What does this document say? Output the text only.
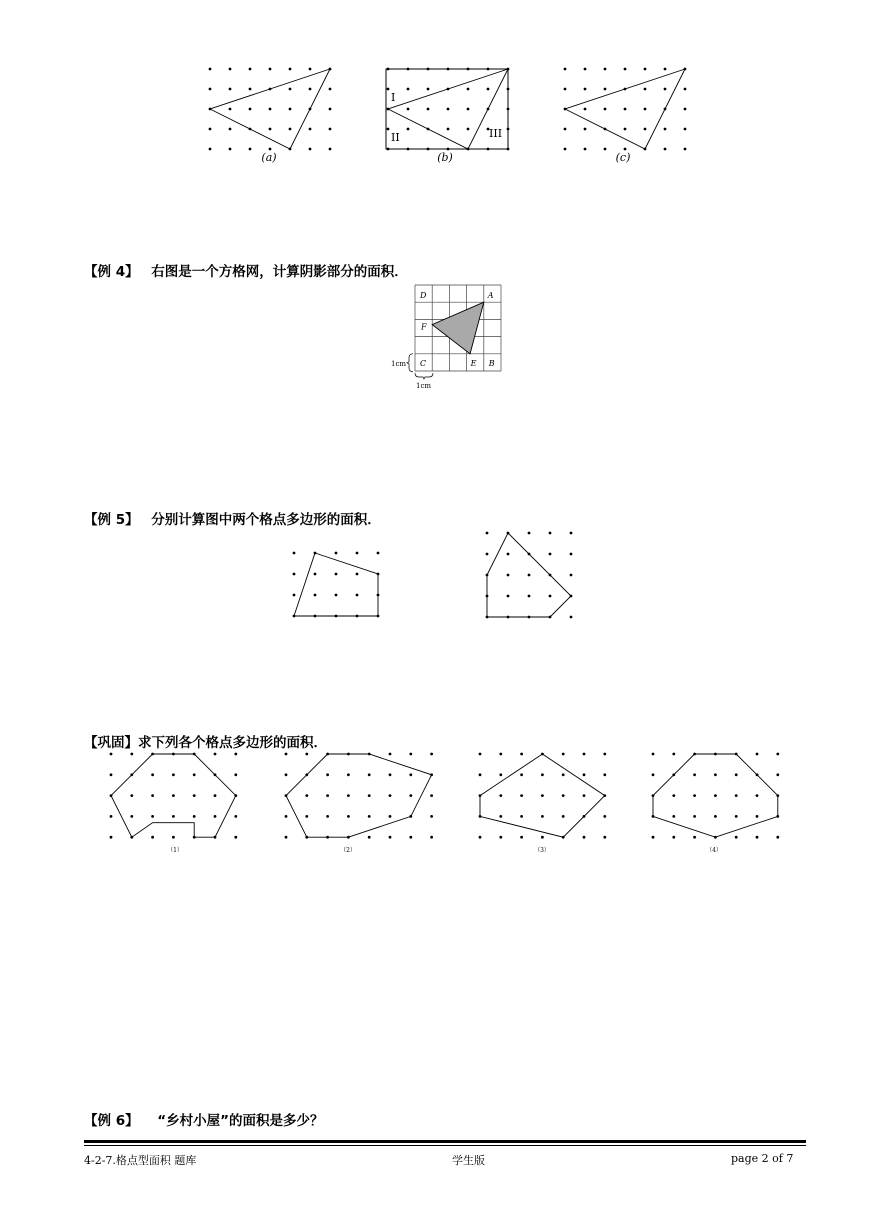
(a)
I
II	III
(b)	(c)
【例 4】 右图是一个方格网，计算阴影部分的面积．
D	A
F
C	E B
1cm
1cm
【例 5】 分别计算图中两个格点多边形的面积．
【巩固】求下列各个格点多边形的面积．
（1）	（2）	（3）	（4）
【例 6】 “乡村小屋”的面积是多少？
4-2-7.格点型面积 题库	学生版	page 2 of 7
